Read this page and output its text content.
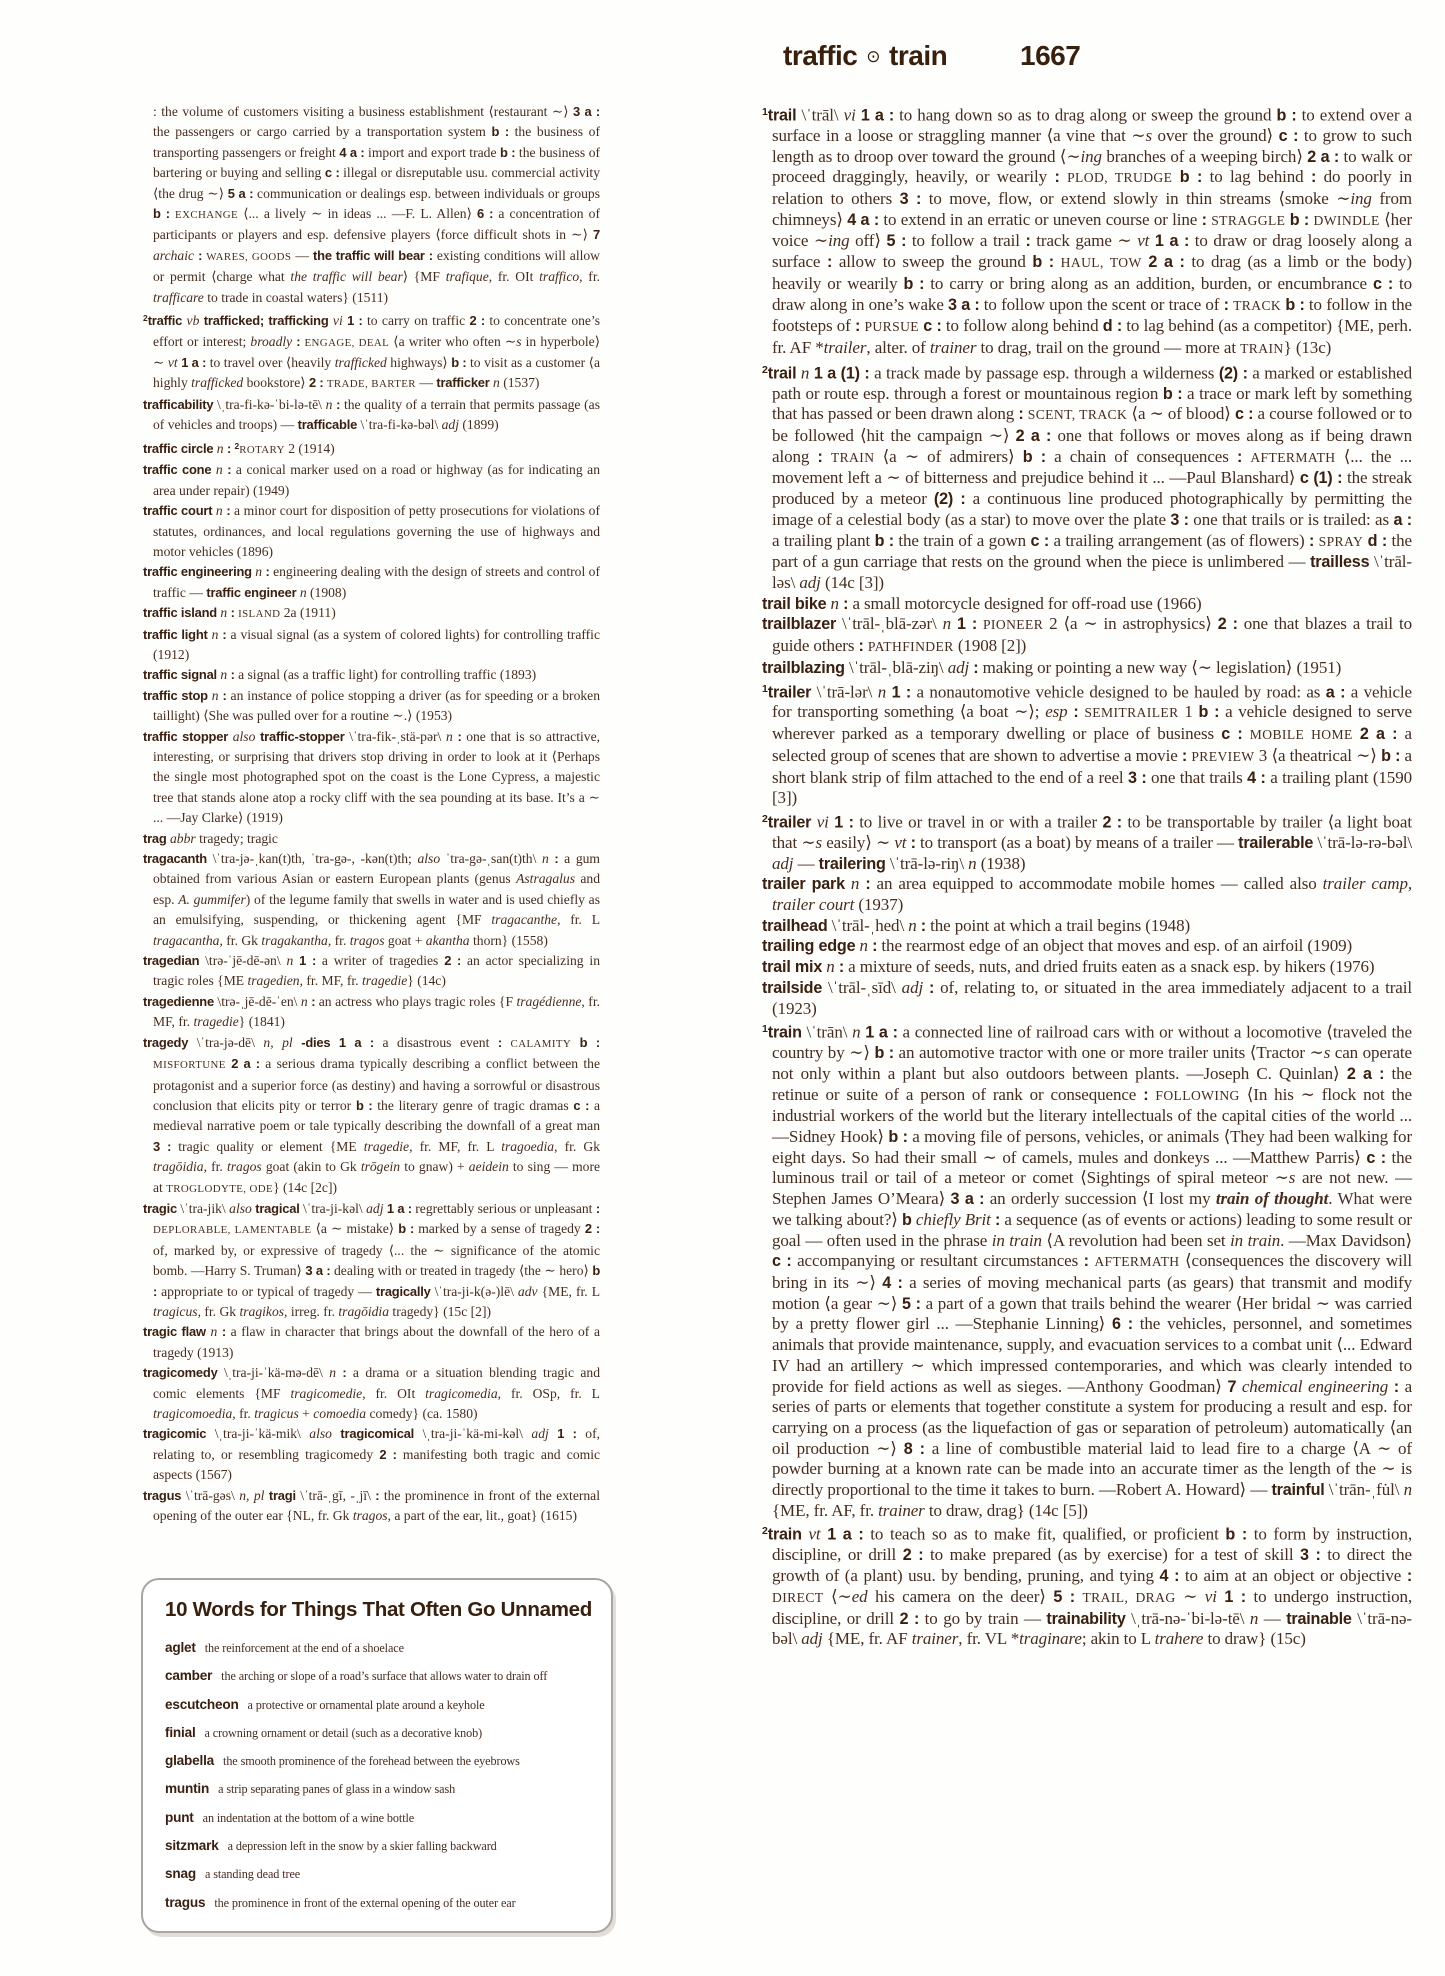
traffic ⊙ train	1667

: the volume of customers visiting a business establishment ⟨restaurant ∼⟩ 3 a : the passengers or cargo carried by a transportation system b : the business of transporting passengers or freight 4 a : import and export trade b : the business of bartering or buying and selling c : illegal or disreputable usu. commercial activity ⟨the drug ∼⟩ 5 a : communication or dealings esp. between individuals or groups b : EXCHANGE ⟨... a lively ∼ in ideas ... —F. L. Allen⟩ 6 : a concentration of participants or players and esp. defensive players ⟨force difficult shots in ∼⟩ 7 archaic : WARES, GOODS — the traffic will bear : existing conditions will allow or permit ⟨charge what the traffic will bear⟩ {MF trafique, fr. OIt traffico, fr. trafficare to trade in coastal waters} (1511)

$^2$traffic vb trafficked; trafficking vi 1 : to carry on traffic 2 : to concentrate one’s effort or interest; broadly : ENGAGE, DEAL ⟨a writer who often ∼s in hyperbole⟩ ∼ vt 1 a : to travel over ⟨heavily trafficked highways⟩ b : to visit as a customer ⟨a highly trafficked bookstore⟩ 2 : TRADE, BARTER — trafficker n (1537)

trafficability \ˌtra-fi-kə-ˈbi-lə-tē\ n : the quality of a terrain that permits passage (as of vehicles and troops) — trafficable \ˈtra-fi-kə-bəl\ adj (1899)

traffic circle n : $^2$ROTARY 2 (1914)

traffic cone n : a conical marker used on a road or highway (as for indicating an area under repair) (1949)

traffic court n : a minor court for disposition of petty prosecutions for violations of statutes, ordinances, and local regulations governing the use of highways and motor vehicles (1896)

traffic engineering n : engineering dealing with the design of streets and control of traffic — traffic engineer n (1908)

traffic island n : ISLAND 2a (1911)

traffic light n : a visual signal (as a system of colored lights) for controlling traffic (1912)

traffic signal n : a signal (as a traffic light) for controlling traffic (1893)

traffic stop n : an instance of police stopping a driver (as for speeding or a broken taillight) ⟨She was pulled over for a routine ∼.⟩ (1953)

traffic stopper also traffic-stopper \ˈtra-fik-ˌstä-pər\ n : one that is so attractive, interesting, or surprising that drivers stop driving in order to look at it ⟨Perhaps the single most photographed spot on the coast is the Lone Cypress, a majestic tree that stands alone atop a rocky cliff with the sea pounding at its base. It’s a ∼ ... —Jay Clarke⟩ (1919)

trag abbr tragedy; tragic

tragacanth \ˈtra-jə-ˌkan(t)th, ˈtra-gə-, -kən(t)th; also ˈtra-gə-ˌsan(t)th\ n : a gum obtained from various Asian or eastern European plants (genus Astragalus and esp. A. gummifer) of the legume family that swells in water and is used chiefly as an emulsifying, suspending, or thickening agent {MF tragacanthe, fr. L tragacantha, fr. Gk tragakantha, fr. tragos goat + akantha thorn} (1558)

tragedian \trə-ˈjē-dē-ən\ n 1 : a writer of tragedies 2 : an actor specializing in tragic roles {ME tragedien, fr. MF, fr. tragedie} (14c)

tragedienne \trə-ˌjē-dē-ˈen\ n : an actress who plays tragic roles {F tragédienne, fr. MF, fr. tragedie} (1841)

tragedy \ˈtra-jə-dē\ n, pl -dies 1 a : a disastrous event : CALAMITY b : MISFORTUNE 2 a : a serious drama typically describing a conflict between the protagonist and a superior force (as destiny) and having a sorrowful or disastrous conclusion that elicits pity or terror b : the literary genre of tragic dramas c : a medieval narrative poem or tale typically describing the downfall of a great man 3 : tragic quality or element {ME tragedie, fr. MF, fr. L tragoedia, fr. Gk tragōidia, fr. tragos goat (akin to Gk trōgein to gnaw) + aeidein to sing — more at TROGLODYTE, ODE} (14c [2c])

tragic \ˈtra-jik\ also tragical \ˈtra-ji-kəl\ adj 1 a : regrettably serious or unpleasant : DEPLORABLE, LAMENTABLE ⟨a ∼ mistake⟩ b : marked by a sense of tragedy 2 : of, marked by, or expressive of tragedy ⟨... the ∼ significance of the atomic bomb. —Harry S. Truman⟩ 3 a : dealing with or treated in tragedy ⟨the ∼ hero⟩ b : appropriate to or typical of tragedy — tragically \ˈtra-ji-k(ə-)lē\ adv {ME, fr. L tragicus, fr. Gk tragikos, irreg. fr. tragōidia tragedy} (15c [2])

tragic flaw n : a flaw in character that brings about the downfall of the hero of a tragedy (1913)

tragicomedy \ˌtra-ji-ˈkä-mə-dē\ n : a drama or a situation blending tragic and comic elements {MF tragicomedie, fr. OIt tragicomedia, fr. OSp, fr. L tragicomoedia, fr. tragicus + comoedia comedy} (ca. 1580)

tragicomic \ˌtra-ji-ˈkä-mik\ also tragicomical \ˌtra-ji-ˈkä-mi-kəl\ adj 1 : of, relating to, or resembling tragicomedy 2 : manifesting both tragic and comic aspects (1567)

tragus \ˈtrā-gəs\ n, pl tragi \ˈtrā-ˌgī, -ˌjī\ : the prominence in front of the external opening of the outer ear {NL, fr. Gk tragos, a part of the ear, lit., goat} (1615)

$^1$trail \ˈtrāl\ vi 1 a : to hang down so as to drag along or sweep the ground b : to extend over a surface in a loose or straggling manner ⟨a vine that ∼s over the ground⟩ c : to grow to such length as to droop over toward the ground ⟨∼ing branches of a weeping birch⟩ 2 a : to walk or proceed draggingly, heavily, or wearily : PLOD, TRUDGE b : to lag behind : do poorly in relation to others 3 : to move, flow, or extend slowly in thin streams ⟨smoke ∼ing from chimneys⟩ 4 a : to extend in an erratic or uneven course or line : STRAGGLE b : DWINDLE ⟨her voice ∼ing off⟩ 5 : to follow a trail : track game ∼ vt 1 a : to draw or drag loosely along a surface : allow to sweep the ground b : HAUL, TOW 2 a : to drag (as a limb or the body) heavily or wearily b : to carry or bring along as an addition, burden, or encumbrance c : to draw along in one’s wake 3 a : to follow upon the scent or trace of : TRACK b : to follow in the footsteps of : PURSUE c : to follow along behind d : to lag behind (as a competitor) {ME, perh. fr. AF *trailer, alter. of trainer to drag, trail on the ground — more at TRAIN} (13c)

$^2$trail n 1 a (1) : a track made by passage esp. through a wilderness (2) : a marked or established path or route esp. through a forest or mountainous region b : a trace or mark left by something that has passed or been drawn along : SCENT, TRACK ⟨a ∼ of blood⟩ c : a course followed or to be followed ⟨hit the campaign ∼⟩ 2 a : one that follows or moves along as if being drawn along : TRAIN ⟨a ∼ of admirers⟩ b : a chain of consequences : AFTERMATH ⟨... the ... movement left a ∼ of bitterness and prejudice behind it ... —Paul Blanshard⟩ c (1) : the streak produced by a meteor (2) : a continuous line produced photographically by permitting the image of a celestial body (as a star) to move over the plate 3 : one that trails or is trailed: as a : a trailing plant b : the train of a gown c : a trailing arrangement (as of flowers) : SPRAY d : the part of a gun carriage that rests on the ground when the piece is unlimbered — trailless \ˈtrāl-ləs\ adj (14c [3])

trail bike n : a small motorcycle designed for off-road use (1966)

trailblazer \ˈtrāl-ˌblā-zər\ n 1 : PIONEER 2 ⟨a ∼ in astrophysics⟩ 2 : one that blazes a trail to guide others : PATHFINDER (1908 [2])

trailblazing \ˈtrāl-ˌblā-ziŋ\ adj : making or pointing a new way ⟨∼ legislation⟩ (1951)

$^1$trailer \ˈtrā-lər\ n 1 : a nonautomotive vehicle designed to be hauled by road: as a : a vehicle for transporting something ⟨a boat ∼⟩; esp : SEMITRAILER 1 b : a vehicle designed to serve wherever parked as a temporary dwelling or place of business c : MOBILE HOME 2 a : a selected group of scenes that are shown to advertise a movie : PREVIEW 3 ⟨a theatrical ∼⟩ b : a short blank strip of film attached to the end of a reel 3 : one that trails 4 : a trailing plant (1590 [3])

$^2$trailer vi 1 : to live or travel in or with a trailer 2 : to be transportable by trailer ⟨a light boat that ∼s easily⟩ ∼ vt : to transport (as a boat) by means of a trailer — trailerable \ˈtrā-lə-rə-bəl\ adj — trailering \ˈtrā-lə-riŋ\ n (1938)

trailer park n : an area equipped to accommodate mobile homes — called also trailer camp, trailer court (1937)

trailhead \ˈtrāl-ˌhed\ n : the point at which a trail begins (1948)

trailing edge n : the rearmost edge of an object that moves and esp. of an airfoil (1909)

trail mix n : a mixture of seeds, nuts, and dried fruits eaten as a snack esp. by hikers (1976)

trailside \ˈtrāl-ˌsīd\ adj : of, relating to, or situated in the area immediately adjacent to a trail (1923)

$^1$train \ˈtrān\ n 1 a : a connected line of railroad cars with or without a locomotive ⟨traveled the country by ∼⟩ b : an automotive tractor with one or more trailer units ⟨Tractor ∼s can operate not only within a plant but also outdoors between plants. —Joseph C. Quinlan⟩ 2 a : the retinue or suite of a person of rank or consequence : FOLLOWING ⟨In his ∼ flock not the industrial workers of the world but the literary intellectuals of the capital cities of the world ... —Sidney Hook⟩ b : a moving file of persons, vehicles, or animals ⟨They had been walking for eight days. So had their small ∼ of camels, mules and donkeys ... —Matthew Parris⟩ c : the luminous trail or tail of a meteor or comet ⟨Sightings of spiral meteor ∼s are not new. —Stephen James O’Meara⟩ 3 a : an orderly succession ⟨I lost my train of thought. What were we talking about?⟩ b chiefly Brit : a sequence (as of events or actions) leading to some result or goal — often used in the phrase in train ⟨A revolution had been set in train. —Max Davidson⟩ c : accompanying or resultant circumstances : AFTERMATH ⟨consequences the discovery will bring in its ∼⟩ 4 : a series of moving mechanical parts (as gears) that transmit and modify motion ⟨a gear ∼⟩ 5 : a part of a gown that trails behind the wearer ⟨Her bridal ∼ was carried by a pretty flower girl ... —Stephanie Linning⟩ 6 : the vehicles, personnel, and sometimes animals that provide maintenance, supply, and evacuation services to a combat unit ⟨... Edward IV had an artillery ∼ which impressed contemporaries, and which was clearly intended to provide for field actions as well as sieges. —Anthony Goodman⟩ 7 chemical engineering : a series of parts or elements that together constitute a system for producing a result and esp. for carrying on a process (as the liquefaction of gas or separation of petroleum) automatically ⟨an oil production ∼⟩ 8 : a line of combustible material laid to lead fire to a charge ⟨A ∼ of powder burning at a known rate can be made into an accurate timer as the length of the ∼ is directly proportional to the time it takes to burn. —Robert A. Howard⟩ — trainful \ˈtrān-ˌfu̇l\ n {ME, fr. AF, fr. trainer to draw, drag} (14c [5])

$^2$train vt 1 a : to teach so as to make fit, qualified, or proficient b : to form by instruction, discipline, or drill 2 : to make prepared (as by exercise) for a test of skill 3 : to direct the growth of (a plant) usu. by bending, pruning, and tying 4 : to aim at an object or objective : DIRECT ⟨∼ed his camera on the deer⟩ 5 : TRAIL, DRAG ∼ vi 1 : to undergo instruction, discipline, or drill 2 : to go by train — trainability \ˌtrā-nə-ˈbi-lə-tē\ n — trainable \ˈtrā-nə-bəl\ adj {ME, fr. AF trainer, fr. VL *traginare; akin to L trahere to draw} (15c)

10 Words for Things That Often Go Unnamed
aglet the reinforcement at the end of a shoelace
camber the arching or slope of a road’s surface that allows water to drain off
escutcheon a protective or ornamental plate around a keyhole
finial a crowning ornament or detail (such as a decorative knob)
glabella the smooth prominence of the forehead between the eyebrows
muntin a strip separating panes of glass in a window sash
punt an indentation at the bottom of a wine bottle
sitzmark a depression left in the snow by a skier falling backward
snag a standing dead tree
tragus the prominence in front of the external opening of the outer ear
